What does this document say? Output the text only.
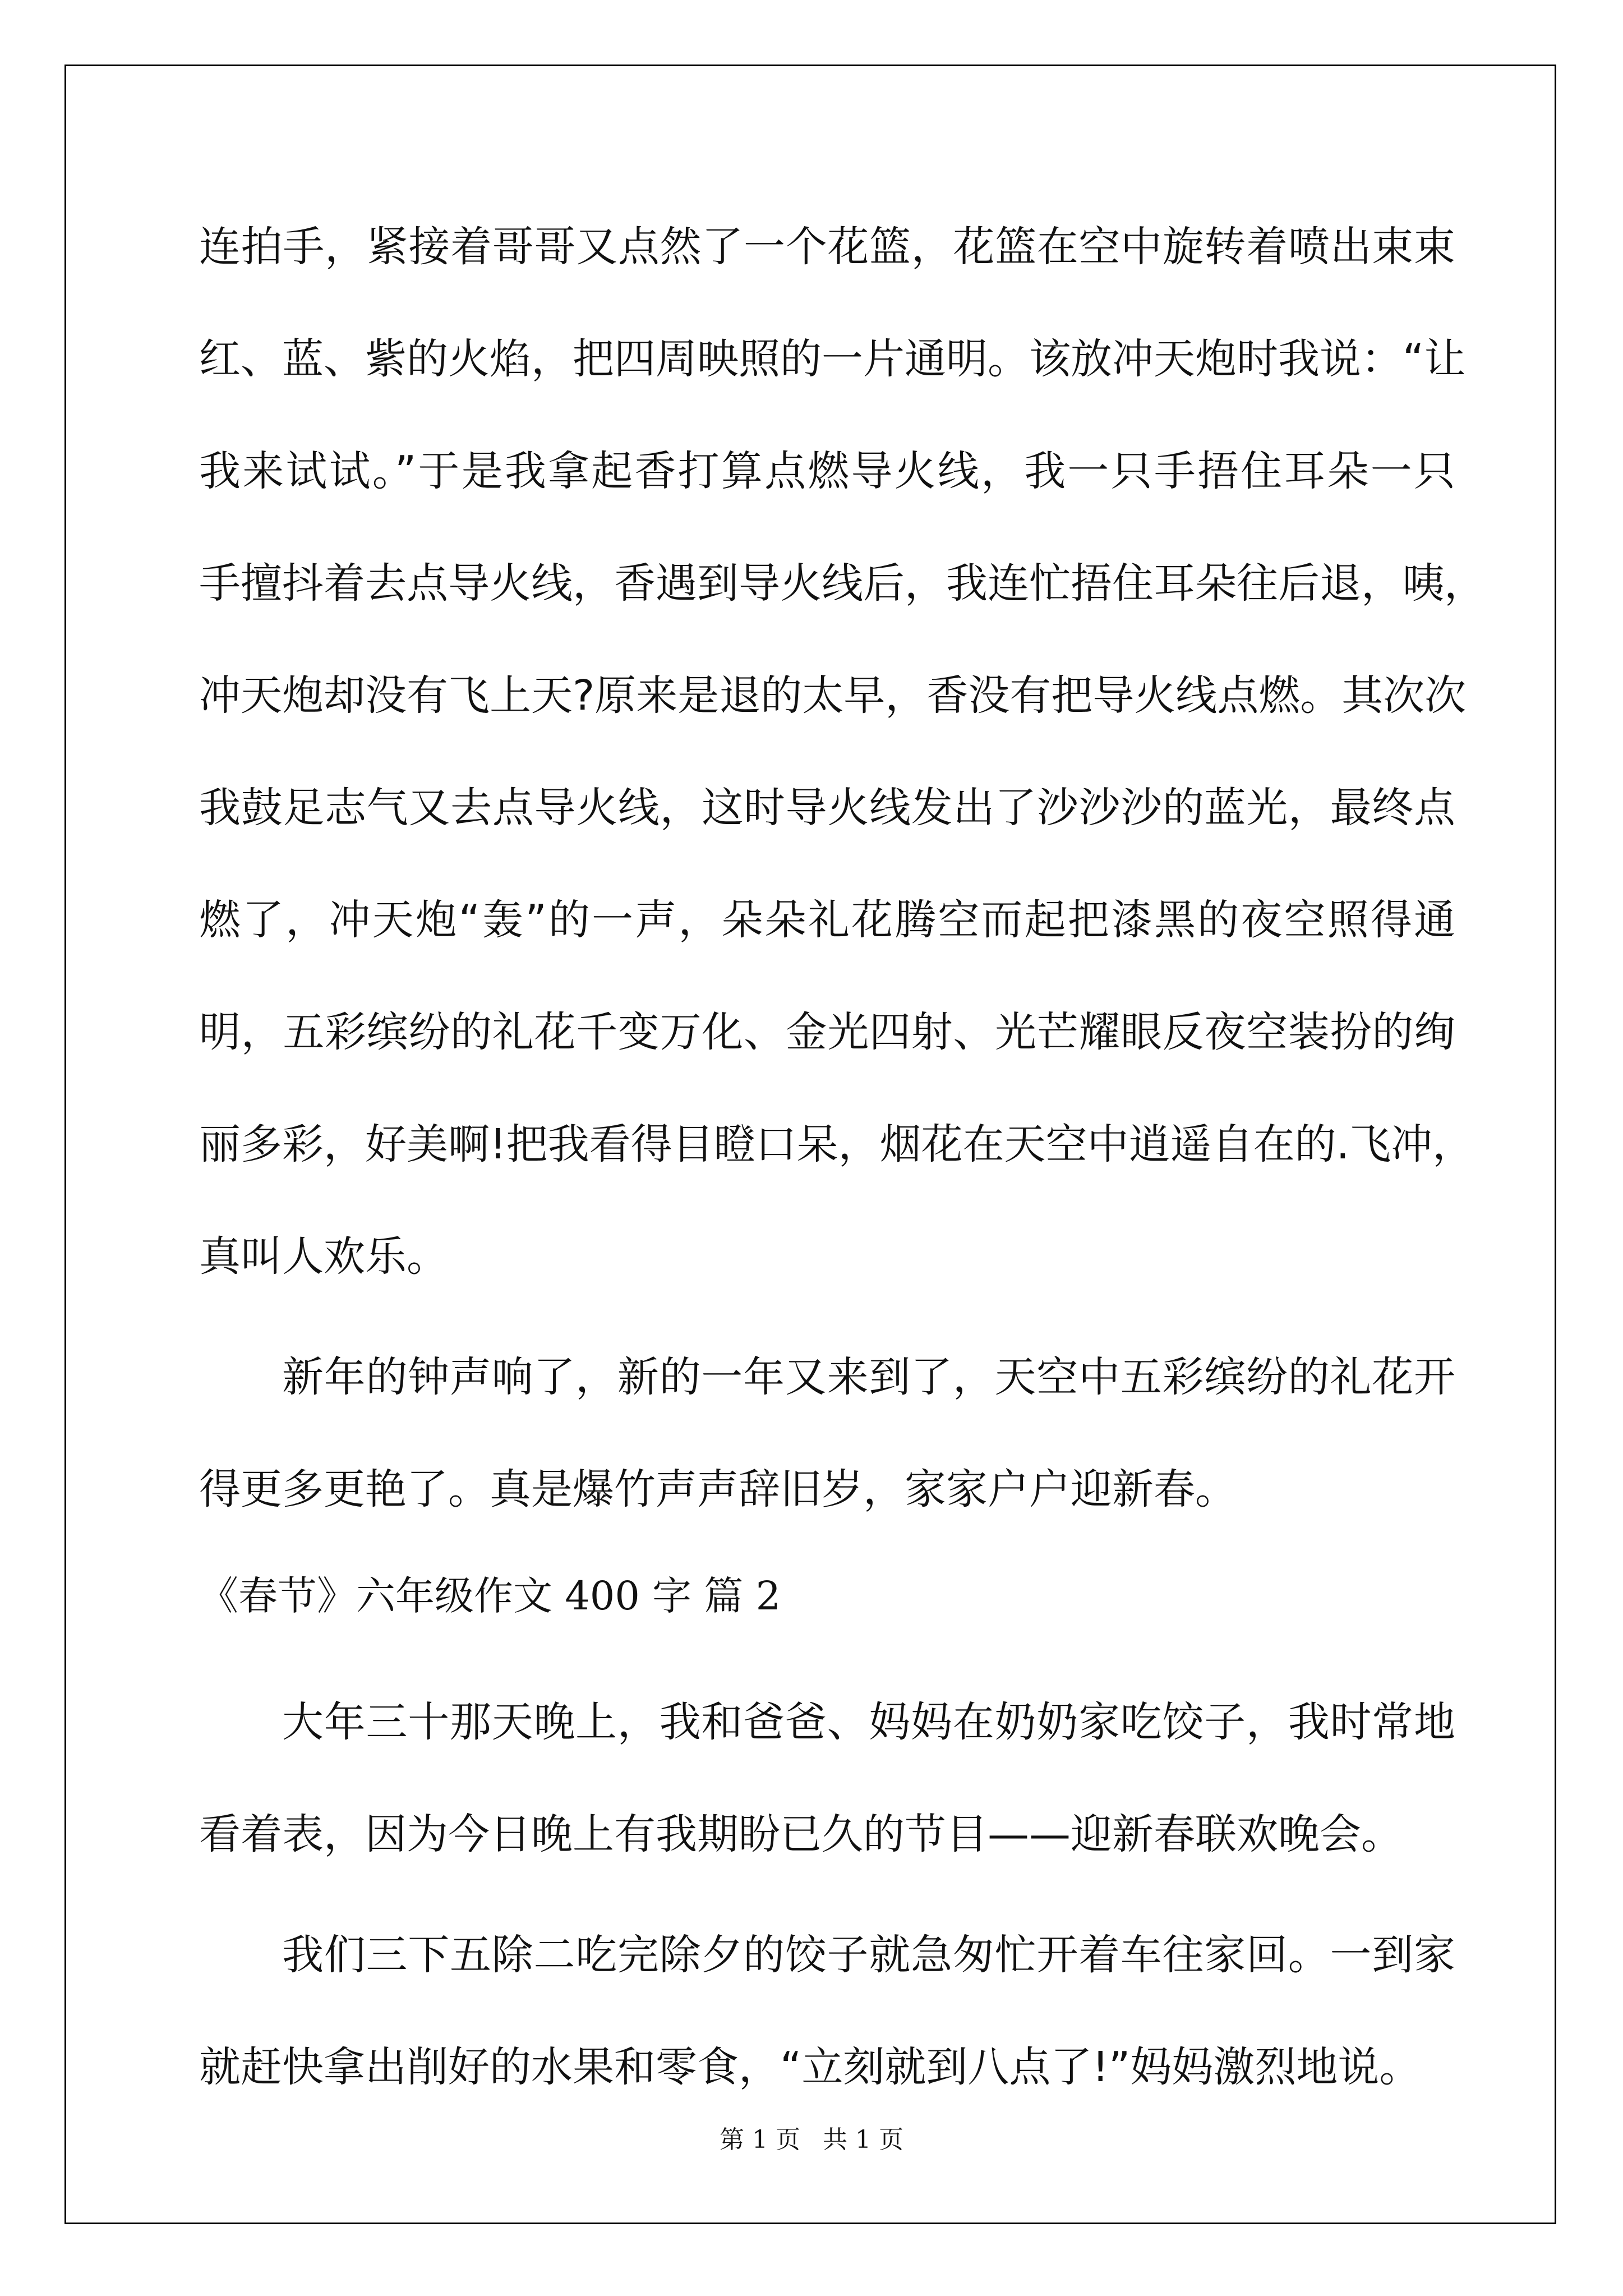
连拍手，紧接着哥哥又点然了一个花篮，花篮在空中旋转着喷出束束
红、蓝、紫的火焰，把四周映照的一片通明。该放冲天炮时我说：“让
我来试试。”于是我拿起香打算点燃导火线，我一只手捂住耳朵一只
手擅抖着去点导火线，香遇到导火线后，我连忙捂住耳朵往后退，咦，
冲天炮却没有飞上天?原来是退的太早，香没有把导火线点燃。其次次
我鼓足志气又去点导火线，这时导火线发出了沙沙沙的蓝光，最终点
燃了，冲天炮“轰”的一声，朵朵礼花腾空而起把漆黑的夜空照得通
明，五彩缤纷的礼花千变万化、金光四射、光芒耀眼反夜空装扮的绚
丽多彩，好美啊!把我看得目瞪口呆，烟花在天空中逍遥自在的.飞冲，
真叫人欢乐。
新年的钟声响了，新的一年又来到了，天空中五彩缤纷的礼花开
得更多更艳了。真是爆竹声声辞旧岁，家家户户迎新春。
《春节》六年级作文 400 字 篇 2
大年三十那天晚上，我和爸爸、妈妈在奶奶家吃饺子，我时常地
看着表，因为今日晚上有我期盼已久的节目——迎新春联欢晚会。
我们三下五除二吃完除夕的饺子就急匆忙开着车往家回。一到家
就赶快拿出削好的水果和零食，“立刻就到八点了!”妈妈激烈地说。
第 1 页 共 1 页
